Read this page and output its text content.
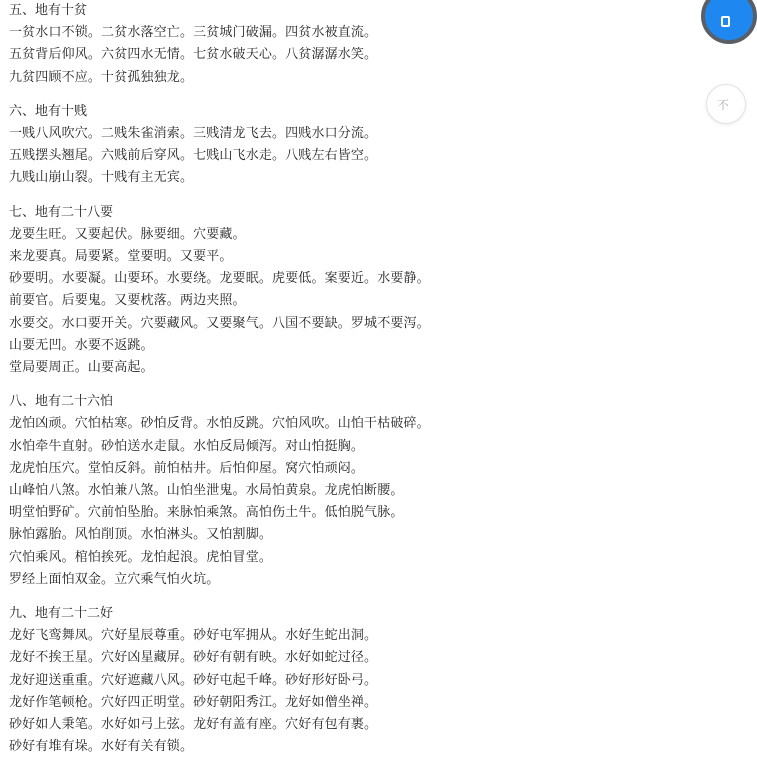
五、地有十贫
一贫水口不锁。二贫水落空亡。三贫城门破漏。四贫水被直流。
五贫背后仰风。六贫四水无情。七贫水破天心。八贫潺潺水笑。
九贫四顾不应。十贫孤独独龙。
六、地有十贱
一贱八风吹穴。二贱朱雀消索。三贱清龙飞去。四贱水口分流。
五贱摆头翘尾。六贱前后穿风。七贱山飞水走。八贱左右皆空。
九贱山崩山裂。十贱有主无宾。
七、地有二十八要
龙要生旺。又要起伏。脉要细。穴要藏。
来龙要真。局要紧。堂要明。又要平。
砂要明。水要凝。山要环。水要绕。龙要眠。虎要低。案要近。水要静。
前要官。后要鬼。又要枕落。两边夹照。
水要交。水口要开关。穴要藏风。又要聚气。八国不要缺。罗城不要泻。
山要无凹。水要不返跳。
堂局要周正。山要高起。
八、地有二十六怕
龙怕凶顽。穴怕枯寒。砂怕反背。水怕反跳。穴怕风吹。山怕干枯破碎。
水怕牵牛直射。砂怕送水走鼠。水怕反局倾泻。对山怕挺胸。
龙虎怕压穴。堂怕反斜。前怕枯井。后怕仰屋。窝穴怕顽闷。
山峰怕八煞。水怕兼八煞。山怕坐泄鬼。水局怕黄泉。龙虎怕断腰。
明堂怕野矿。穴前怕坠胎。来脉怕乘煞。高怕伤土牛。低怕脱气脉。
脉怕露胎。风怕削顶。水怕淋头。又怕割脚。
穴怕乘风。棺怕挨死。龙怕起浪。虎怕冒堂。
罗经上面怕双金。立穴乘气怕火坑。
九、地有二十二好
龙好飞鸾舞凤。穴好星辰尊重。砂好屯军拥从。水好生蛇出洞。
龙好不挨王星。穴好凶星藏屏。砂好有朝有映。水好如蛇过径。
龙好迎送重重。穴好遮藏八风。砂好屯起千峰。砂好形好卧弓。
龙好作笔顿枪。穴好四正明堂。砂好朝阳秀江。龙好如僧坐禅。
砂好如人秉笔。水好如弓上弦。龙好有盖有座。穴好有包有裹。
砂好有堆有垛。水好有关有锁。
不
